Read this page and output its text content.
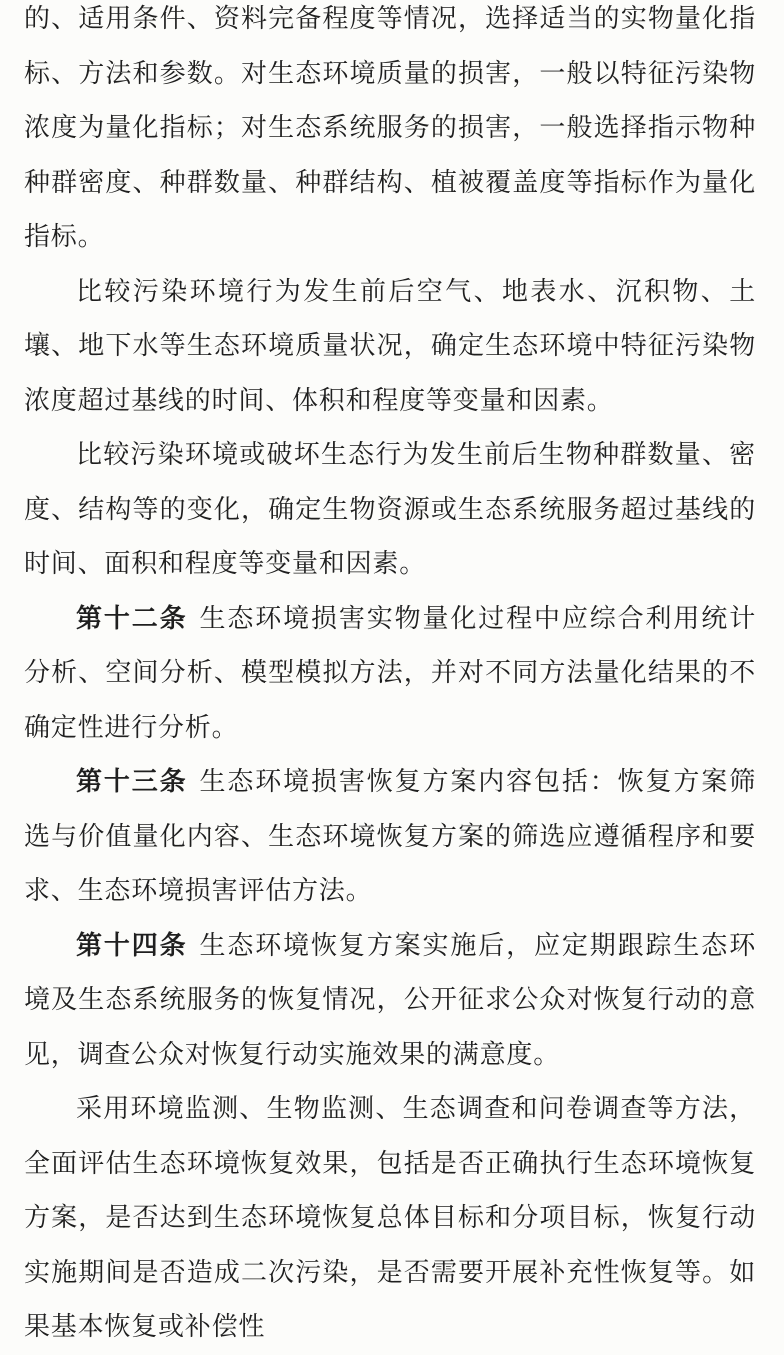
的、适用条件、资料完备程度等情况，选择适当的实物量化指标、方法和参数。对生态环境质量的损害，一般以特征污染物浓度为量化指标；对生态系统服务的损害，一般选择指示物种种群密度、种群数量、种群结构、植被覆盖度等指标作为量化指标。

比较污染环境行为发生前后空气、地表水、沉积物、土壤、地下水等生态环境质量状况，确定生态环境中特征污染物浓度超过基线的时间、体积和程度等变量和因素。

比较污染环境或破坏生态行为发生前后生物种群数量、密度、结构等的变化，确定生物资源或生态系统服务超过基线的时间、面积和程度等变量和因素。

第十二条 生态环境损害实物量化过程中应综合利用统计分析、空间分析、模型模拟方法，并对不同方法量化结果的不确定性进行分析。

第十三条 生态环境损害恢复方案内容包括：恢复方案筛选与价值量化内容、生态环境恢复方案的筛选应遵循程序和要求、生态环境损害评估方法。

第十四条 生态环境恢复方案实施后，应定期跟踪生态环境及生态系统服务的恢复情况，公开征求公众对恢复行动的意见，调查公众对恢复行动实施效果的满意度。

采用环境监测、生物监测、生态调查和问卷调查等方法，全面评估生态环境恢复效果，包括是否正确执行生态环境恢复方案，是否达到生态环境恢复总体目标和分项目标，恢复行动实施期间是否造成二次污染，是否需要开展补充性恢复等。如果基本恢复或补偿性
